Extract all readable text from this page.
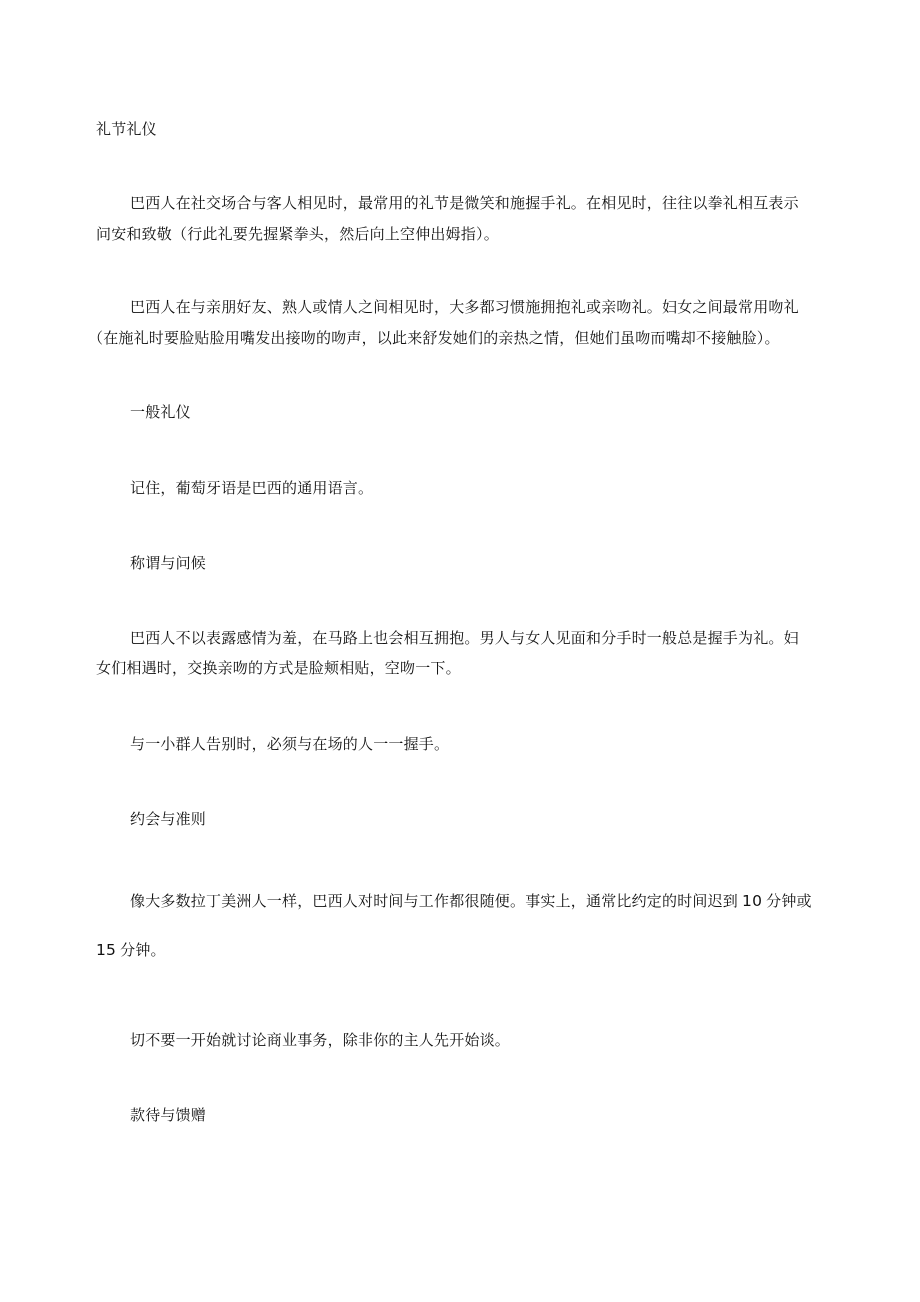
礼节礼仪

巴西人在社交场合与客人相见时，最常用的礼节是微笑和施握手礼。在相见时，往往以拳礼相互表示

问安和致敬（行此礼要先握紧拳头，然后向上空伸出姆指）。

巴西人在与亲朋好友、熟人或情人之间相见时，大多都习惯施拥抱礼或亲吻礼。妇女之间最常用吻礼

（在施礼时要脸贴脸用嘴发出接吻的吻声，以此来舒发她们的亲热之情，但她们虽吻而嘴却不接触脸）。

一般礼仪

记住，葡萄牙语是巴西的通用语言。

称谓与问候

巴西人不以表露感情为羞，在马路上也会相互拥抱。男人与女人见面和分手时一般总是握手为礼。妇

女们相遇时，交换亲吻的方式是脸颊相贴，空吻一下。

与一小群人告别时，必须与在场的人一一握手。

约会与准则

像大多数拉丁美洲人一样，巴西人对时间与工作都很随便。事实上，通常比约定的时间迟到 10 分钟或

15 分钟。

切不要一开始就讨论商业事务，除非你的主人先开始谈。

款待与馈赠
